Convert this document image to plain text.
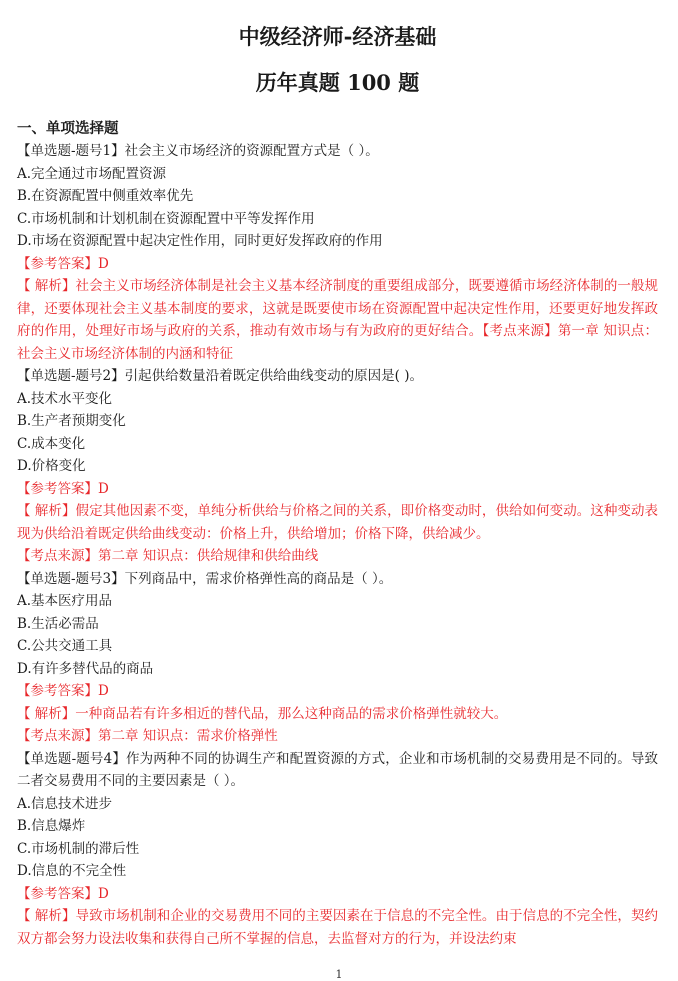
中级经济师-经济基础
历年真题 100 题
一、单项选择题
【单选题-题号1】社会主义市场经济的资源配置方式是（ ）。
A.完全通过市场配置资源
B.在资源配置中侧重效率优先
C.市场机制和计划机制在资源配置中平等发挥作用
D.市场在资源配置中起决定性作用，同时更好发挥政府的作用
【参考答案】D
【 解析】社会主义市场经济体制是社会主义基本经济制度的重要组成部分，既要遵循市场经济体制的一般规律，还要体现社会主义基本制度的要求，这就是既要使市场在资源配置中起决定性作用，还要更好地发挥政府的作用，处理好市场与政府的关系，推动有效市场与有为政府的更好结合。【考点来源】第一章 知识点：社会主义市场经济体制的内涵和特征
【单选题-题号2】引起供给数量沿着既定供给曲线变动的原因是( )。
A.技术水平变化
B.生产者预期变化
C.成本变化
D.价格变化
【参考答案】D
【 解析】假定其他因素不变，单纯分析供给与价格之间的关系，即价格变动时，供给如何变动。这种变动表现为供给沿着既定供给曲线变动：价格上升，供给增加；价格下降，供给减少。
【考点来源】第二章 知识点：供给规律和供给曲线
【单选题-题号3】下列商品中，需求价格弹性高的商品是（ ）。
A.基本医疗用品
B.生活必需品
C.公共交通工具
D.有许多替代品的商品
【参考答案】D
【 解析】一种商品若有许多相近的替代品，那么这种商品的需求价格弹性就较大。
【考点来源】第二章 知识点：需求价格弹性
【单选题-题号4】作为两种不同的协调生产和配置资源的方式，企业和市场机制的交易费用是不同的。导致二者交易费用不同的主要因素是（ ）。
A.信息技术进步
B.信息爆炸
C.市场机制的滞后性
D.信息的不完全性
【参考答案】D
【 解析】导致市场机制和企业的交易费用不同的主要因素在于信息的不完全性。由于信息的不完全性，契约双方都会努力设法收集和获得自己所不掌握的信息，去监督对方的行为，并设法约束
1
